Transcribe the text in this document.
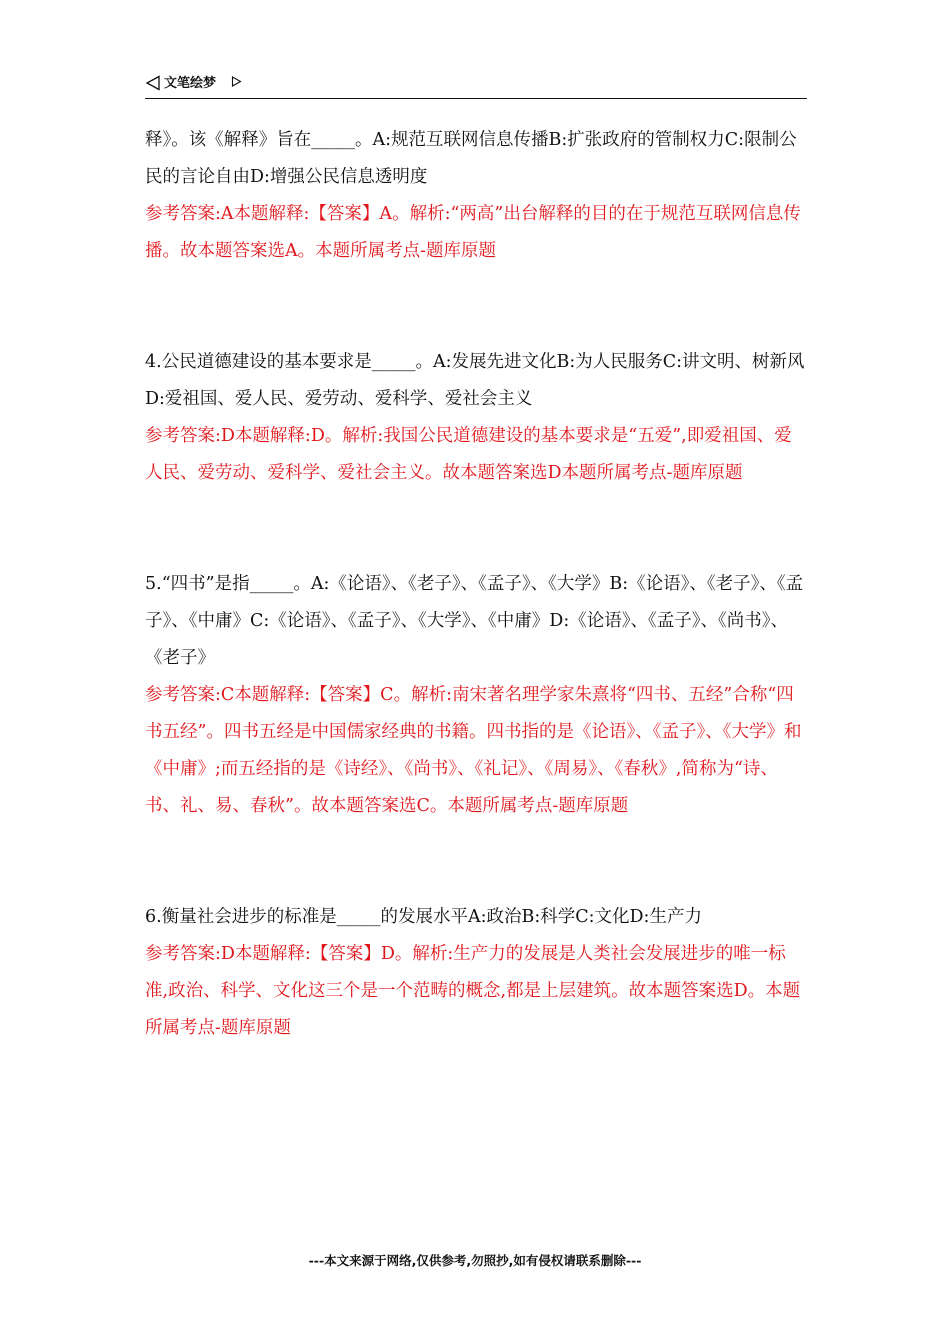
文笔绘梦

释》。该《解释》旨在_____。A:规范互联网信息传播B:扩张政府的管制权力C:限制公民的言论自由D:增强公民信息透明度

参考答案:A本题解释:【答案】A。解析:“两高”出台解释的目的在于规范互联网信息传播。故本题答案选A。本题所属考点-题库原题

4.公民道德建设的基本要求是_____。A:发展先进文化B:为人民服务C:讲文明、树新风D:爱祖国、爱人民、爱劳动、爱科学、爱社会主义

参考答案:D本题解释:D。解析:我国公民道德建设的基本要求是“五爱”,即爱祖国、爱人民、爱劳动、爱科学、爱社会主义。故本题答案选D本题所属考点-题库原题

5.“四书”是指_____。A:《论语》、《老子》、《孟子》、《大学》B:《论语》、《老子》、《孟子》、《中庸》C:《论语》、《孟子》、《大学》、《中庸》D:《论语》、《孟子》、《尚书》、《老子》

参考答案:C本题解释:【答案】C。解析:南宋著名理学家朱熹将“四书、五经”合称“四书五经”。四书五经是中国儒家经典的书籍。四书指的是《论语》、《孟子》、《大学》和《中庸》;而五经指的是《诗经》、《尚书》、《礼记》、《周易》、《春秋》,简称为“诗、书、礼、易、春秋”。故本题答案选C。本题所属考点-题库原题

6.衡量社会进步的标准是_____的发展水平A:政治B:科学C:文化D:生产力

参考答案:D本题解释:【答案】D。解析:生产力的发展是人类社会发展进步的唯一标准,政治、科学、文化这三个是一个范畴的概念,都是上层建筑。故本题答案选D。本题所属考点-题库原题

---本文来源于网络,仅供参考,勿照抄,如有侵权请联系删除---
